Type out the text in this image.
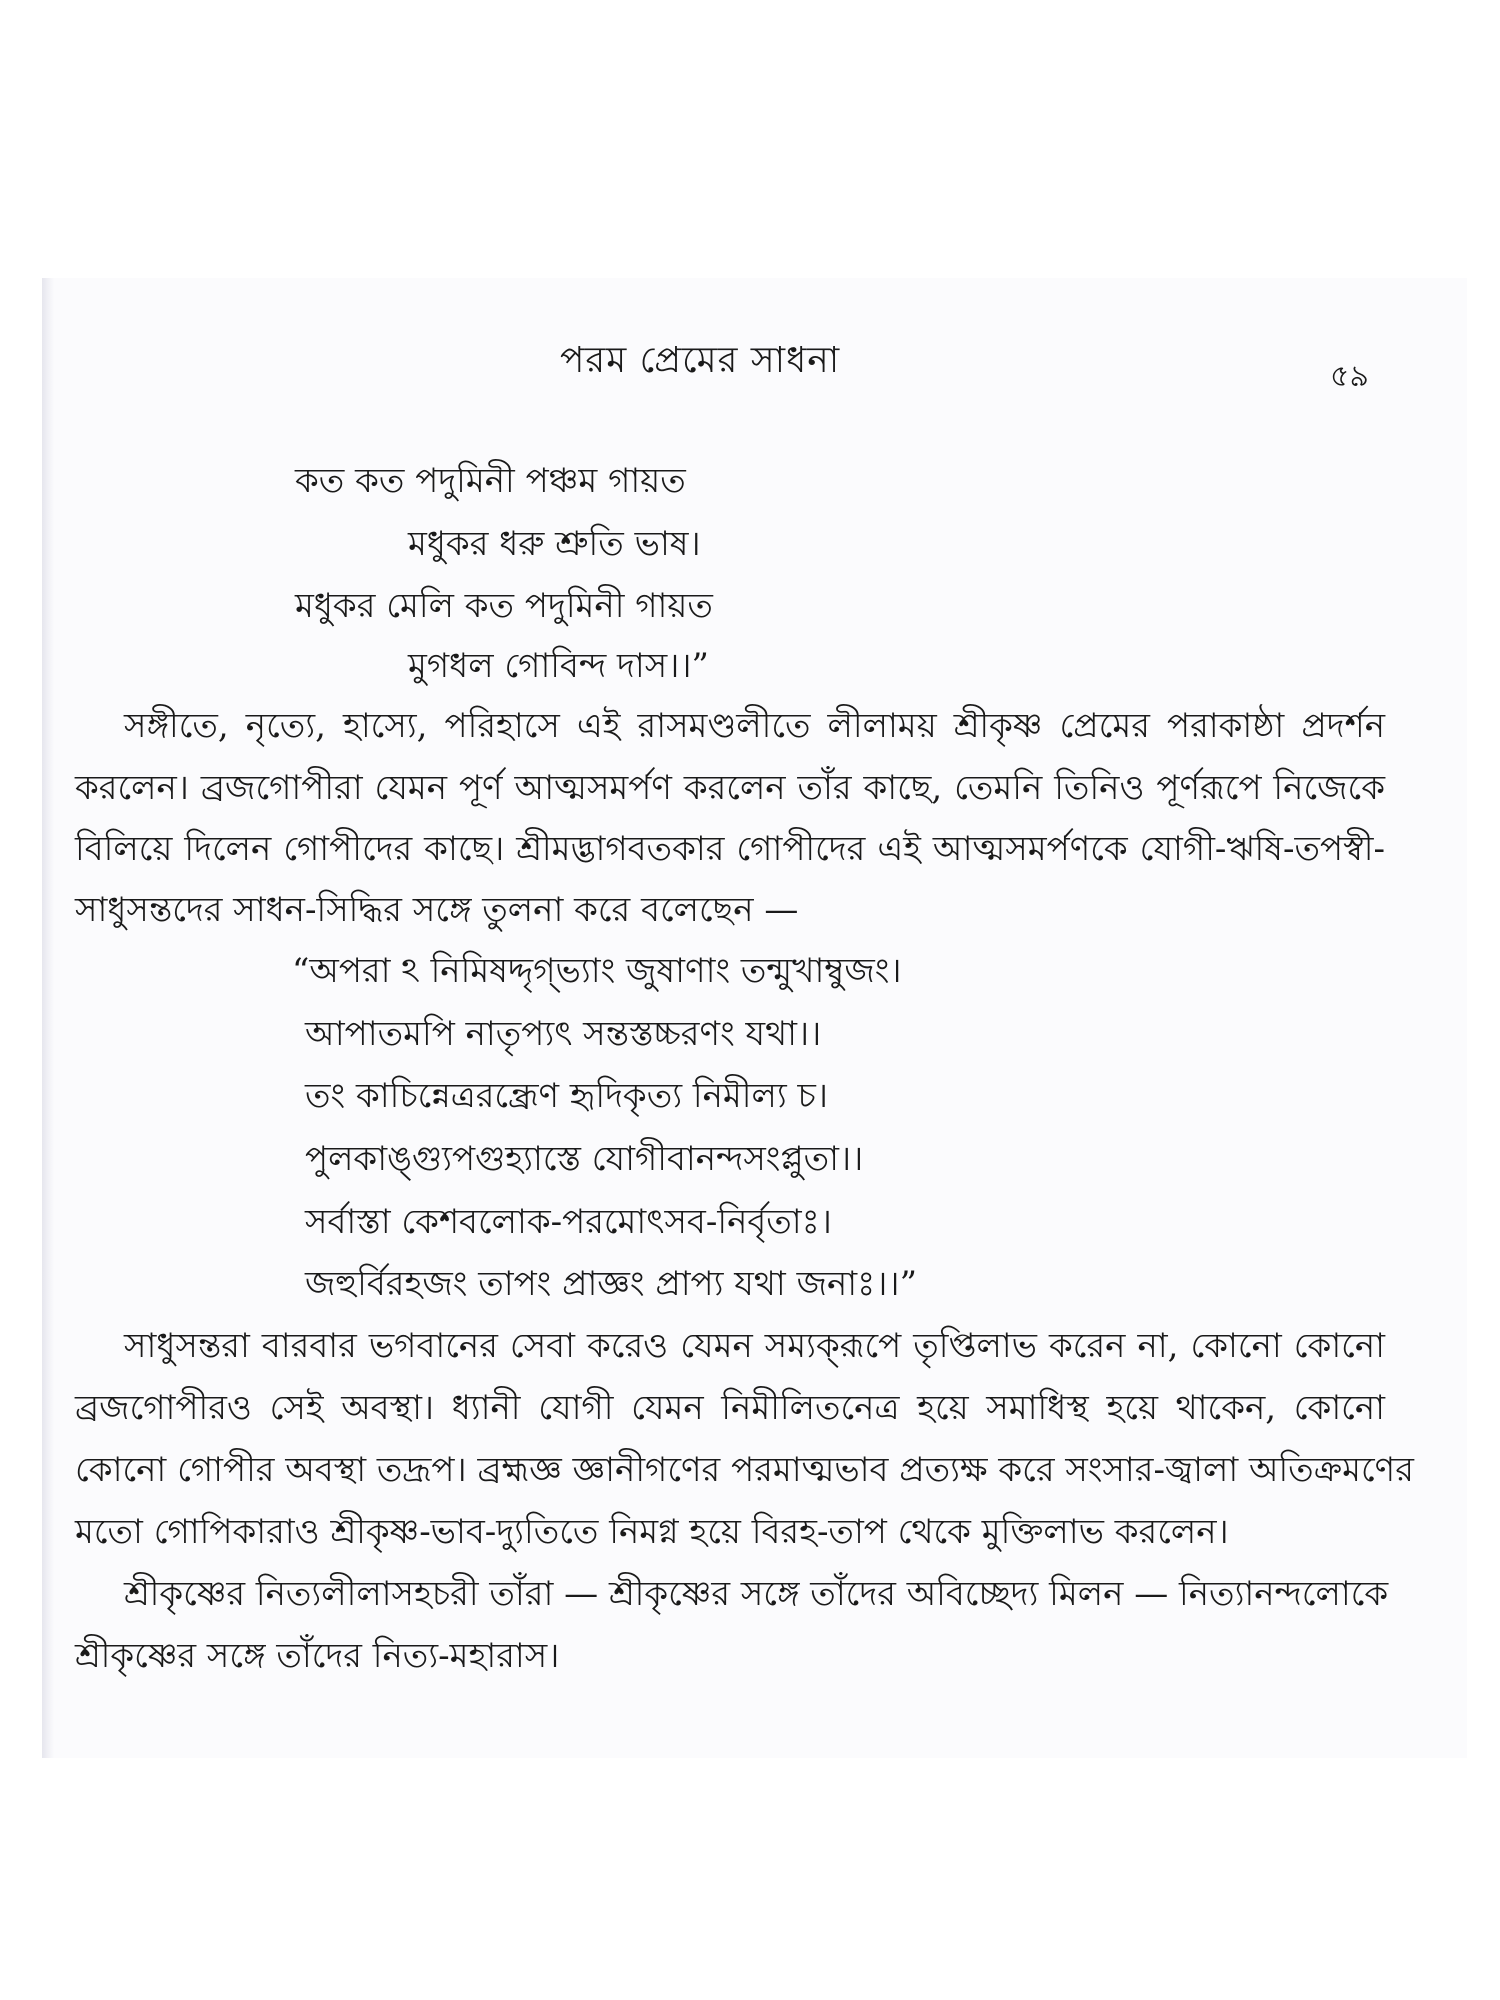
পরম প্রেমের সাধনা	৫৯
কত কত পদুমিনী পঞ্চম গায়ত
মধুকর ধরু শ্রুতি ভাষ।
মধুকর মেলি কত পদুমিনী গায়ত
মুগধল গোবিন্দ দাস।।”
সঙ্গীতে, নৃত্যে, হাস্যে, পরিহাসে এই রাসমণ্ডলীতে লীলাময় শ্রীকৃষ্ণ প্রেমের পরাকাষ্ঠা প্রদর্শন
করলেন। ব্রজগোপীরা যেমন পূর্ণ আত্মসমর্পণ করলেন তাঁর কাছে, তেমনি তিনিও পূর্ণরূপে নিজেকে
বিলিয়ে দিলেন গোপীদের কাছে। শ্রীমদ্ভাগবতকার গোপীদের এই আত্মসমর্পণকে যোগী-ঋষি-তপস্বী-
সাধুসন্তদের সাধন-সিদ্ধির সঙ্গে তুলনা করে বলেছেন —
“অপরা ঽ নিমিষদ্দৃগ্‌ভ্যাং জুষাণাং তন্মুখাম্বুজং।
আপাতমপি নাতৃপ্যৎ সন্তস্তচ্চরণং যথা।।
তং কাচিন্নেত্ররন্ধ্রেণ হৃদিকৃত্য নিমীল্য চ।
পুলকাঙ্গ্যুপগুহ্যাস্তে যোগীবানন্দসংপ্লুতা।।
সর্বাস্তা কেশবলোক-পরমোৎসব-নির্বৃতাঃ।
জহুর্বিরহজং তাপং প্রাজ্ঞং প্রাপ্য যথা জনাঃ।।”
সাধুসন্তরা বারবার ভগবানের সেবা করেও যেমন সম্যক্‌রূপে তৃপ্তিলাভ করেন না, কোনো কোনো
ব্রজগোপীরও সেই অবস্থা। ধ্যানী যোগী যেমন নিমীলিতনেত্র হয়ে সমাধিস্থ হয়ে থাকেন, কোনো
কোনো গোপীর অবস্থা তদ্রূপ। ব্রহ্মজ্ঞ জ্ঞানীগণের পরমাত্মভাব প্রত্যক্ষ করে সংসার-জ্বালা অতিক্রমণের
মতো গোপিকারাও শ্রীকৃষ্ণ-ভাব-দ্যুতিতে নিমগ্ন হয়ে বিরহ-তাপ থেকে মুক্তিলাভ করলেন।
শ্রীকৃষ্ণের নিত্যলীলাসহচরী তাঁরা — শ্রীকৃষ্ণের সঙ্গে তাঁদের অবিচ্ছেদ্য মিলন — নিত্যানন্দলোকে
শ্রীকৃষ্ণের সঙ্গে তাঁদের নিত্য-মহারাস।
